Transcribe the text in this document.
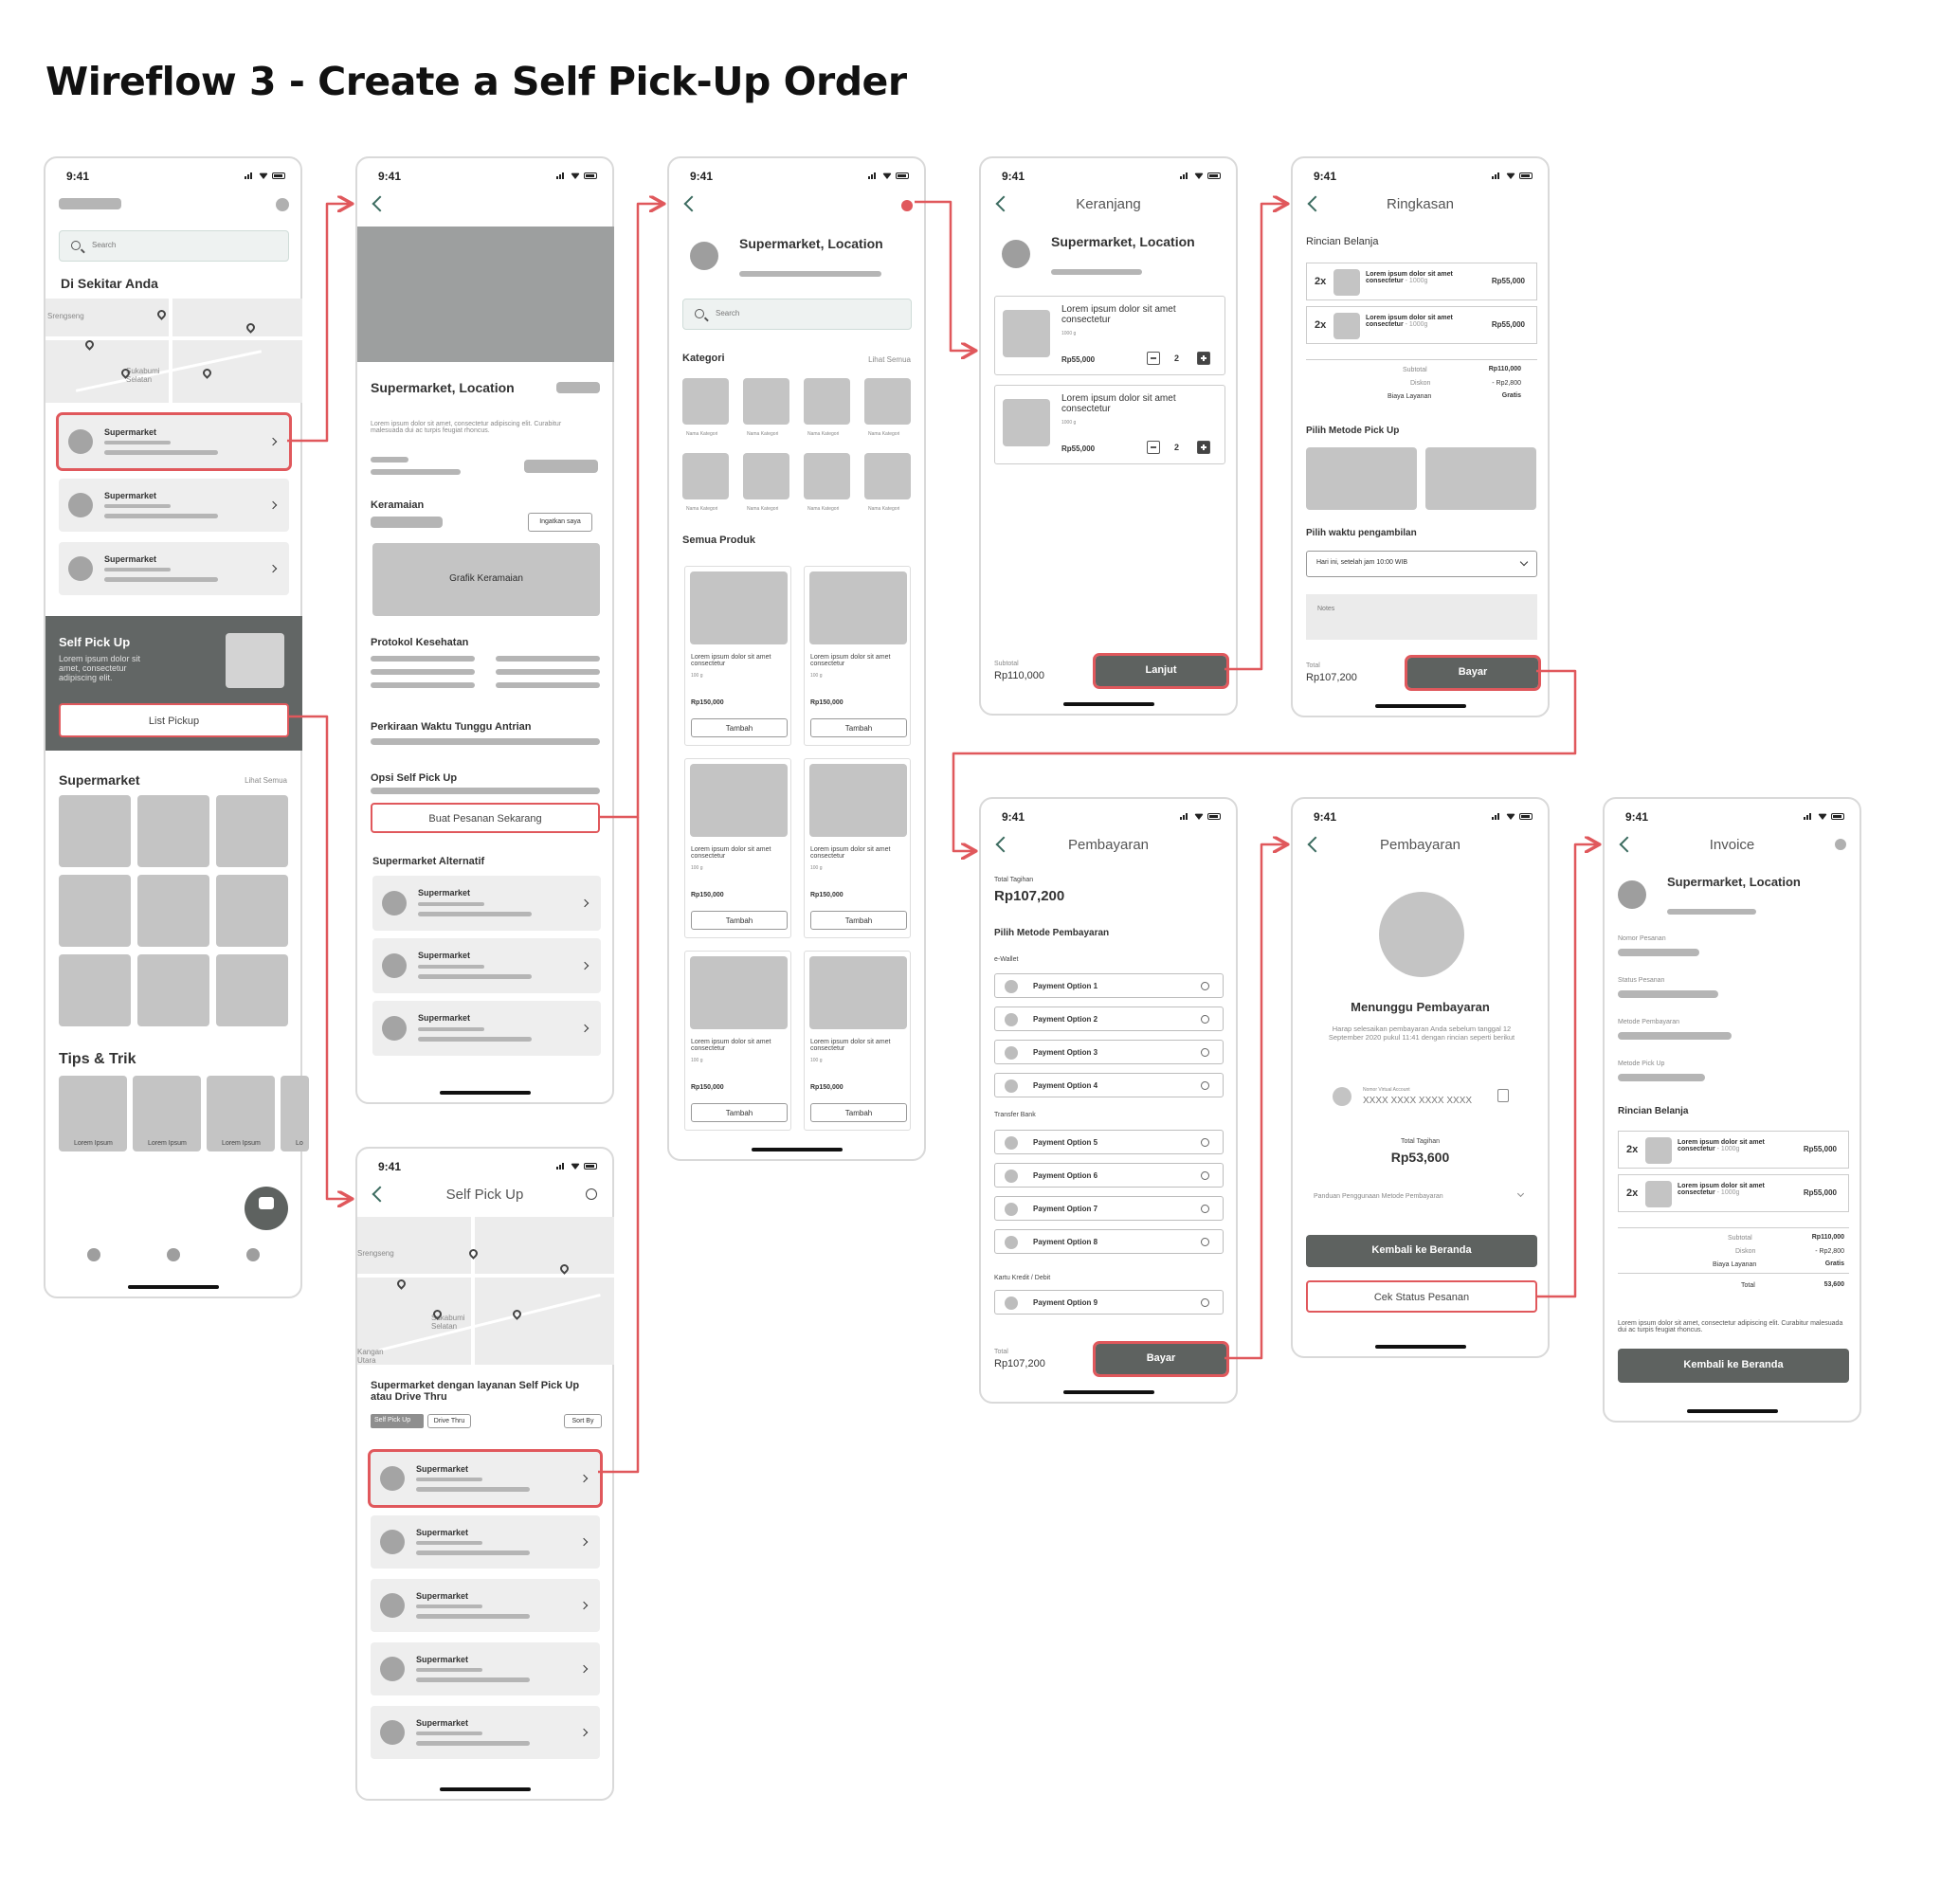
Wireflow 3 - Create a Self Pick-Up Order
9:41
Search
Di Sekitar Anda
Srengseng
Sukabumi Selatan
Supermarket
Supermarket
Supermarket
Self Pick Up
Lorem ipsum dolor sit amet, consectetur adipiscing elit.
List Pickup
Supermarket	Lihat Semua
Tips & Trik
Lorem Ipsum	Lorem Ipsum	Lorem Ipsum	Lo
9:41
Supermarket, Location
Lorem ipsum dolor sit amet, consectetur adipiscing elit. Curabitur malesuada dui ac turpis feugiat rhoncus.
Keramaian
Ingatkan saya
Grafik Keramaian
Protokol Kesehatan
Perkiraan Waktu Tunggu Antrian
Opsi Self Pick Up
Buat Pesanan Sekarang
Supermarket Alternatif
Supermarket
Supermarket
Supermarket
9:41
Self Pick Up
Srengseng
Sukabumi Selatan
Kangan Utara
Supermarket dengan layanan Self Pick Up atau Drive Thru
Self Pick Up	Drive Thru	Sort By
Supermarket
Supermarket
Supermarket
Supermarket
Supermarket
9:41
Supermarket, Location
Search
Kategori	Lihat Semua
Nama Kategori	Nama Kategori	Nama Kategori	Nama Kategori
Nama Kategori	Nama Kategori	Nama Kategori	Nama Kategori
Semua Produk
Lorem ipsum dolor sit amet consectetur
100 g
Rp150,000
Tambah
Lorem ipsum dolor sit amet consectetur
100 g
Rp150,000
Tambah
Lorem ipsum dolor sit amet consectetur
100 g
Rp150,000
Tambah
Lorem ipsum dolor sit amet consectetur
100 g
Rp150,000
Tambah
Lorem ipsum dolor sit amet consectetur
100 g
Rp150,000
Tambah
Lorem ipsum dolor sit amet consectetur
100 g
Rp150,000
Tambah
9:41
Keranjang
Supermarket, Location
Lorem ipsum dolor sit amet consectetur
1000 g
Rp55,000	2
Lorem ipsum dolor sit amet consectetur
1000 g
Rp55,000	2
Subtotal
Rp110,000	Lanjut
9:41
Ringkasan
Rincian Belanja
2x
Lorem ipsum dolor sit amet consectetur - 1000g	Rp55,000
2x
Lorem ipsum dolor sit amet consectetur - 1000g	Rp55,000
Subtotal	Rp110,000
Diskon	- Rp2,800
Biaya Layanan	Gratis
Pilih Metode Pick Up
Pilih waktu pengambilan
Hari ini, setelah jam 10:00 WIB
Notes
Total
Rp107,200	Bayar
9:41
Pembayaran
Total Tagihan
Rp107,200
Pilih Metode Pembayaran
e-Wallet
Transfer Bank
Kartu Kredit / Debit
Payment Option 1
Payment Option 2
Payment Option 3
Payment Option 4
Payment Option 5
Payment Option 6
Payment Option 7
Payment Option 8
Payment Option 9
Total
Rp107,200	Bayar
9:41
Pembayaran
Menunggu Pembayaran
Harap selesaikan pembayaran Anda sebelum tanggal 12 September 2020 pukul 11:41 dengan rincian seperti berikut
Nomor Virtual Account
XXXX XXXX XXXX XXXX
Total Tagihan
Rp53,600
Panduan Penggunaan Metode Pembayaran
Kembali ke Beranda
Cek Status Pesanan
9:41
Invoice
Supermarket, Location
Nomor Pesanan
Status Pesanan
Metode Pembayaran
Metode Pick Up
Rincian Belanja
2x
Lorem ipsum dolor sit amet consectetur - 1000g	Rp55,000
2x
Lorem ipsum dolor sit amet consectetur - 1000g	Rp55,000
Subtotal	Rp110,000
Diskon	- Rp2,800
Biaya Layanan	Gratis
Total	53,600
Lorem ipsum dolor sit amet, consectetur adipiscing elit. Curabitur malesuada dui ac turpis feugiat rhoncus.
Kembali ke Beranda
